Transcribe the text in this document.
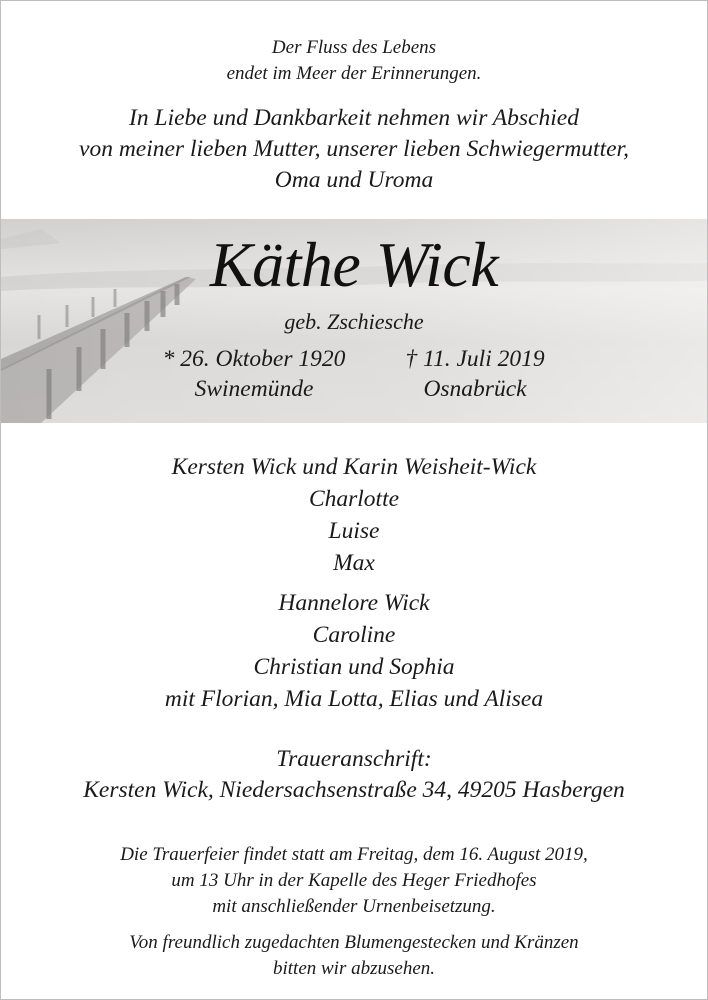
Der Fluss des Lebens
endet im Meer der Erinnerungen.
In Liebe und Dankbarkeit nehmen wir Abschied
von meiner lieben Mutter, unserer lieben Schwiegermutter,
Oma und Uroma
Käthe Wick
geb. Zschiesche
* 26. Oktober 1920
Swinemünde
† 11. Juli 2019
Osnabrück
Kersten Wick und Karin Weisheit-Wick
Charlotte
Luise
Max
Hannelore Wick
Caroline
Christian und Sophia
mit Florian, Mia Lotta, Elias und Alisea
Traueranschrift:
Kersten Wick, Niedersachsenstraße 34, 49205 Hasbergen
Die Trauerfeier findet statt am Freitag, dem 16. August 2019,
um 13 Uhr in der Kapelle des Heger Friedhofes
mit anschließender Urnenbeisetzung.
Von freundlich zugedachten Blumengestecken und Kränzen
bitten wir abzusehen.
